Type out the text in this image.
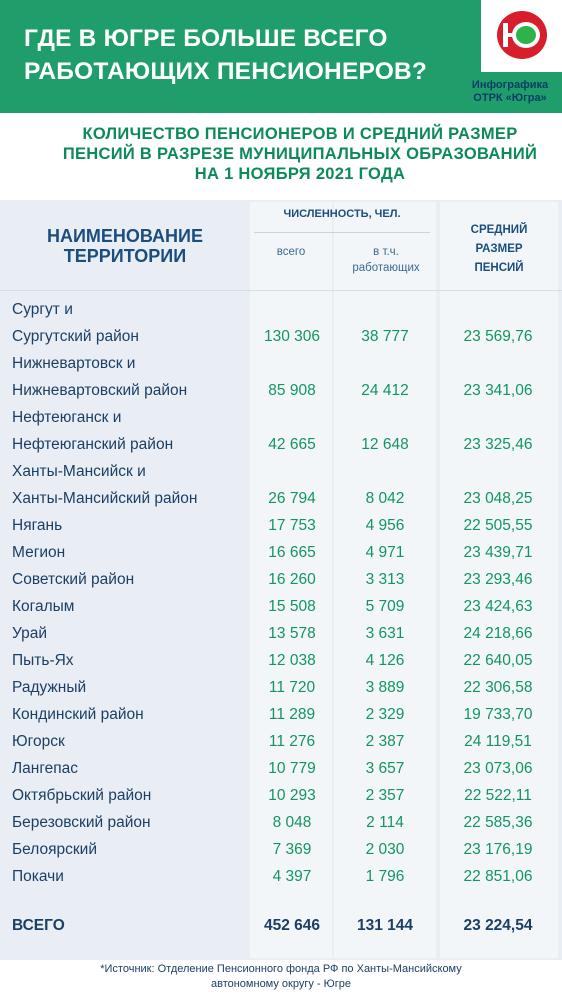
ГДЕ В ЮГРЕ БОЛЬШЕ ВСЕГО
РАБОТАЮЩИХ ПЕНСИОНЕРОВ?	Инфографика
ОТРК «Югра»
КОЛИЧЕСТВО ПЕНСИОНЕРОВ И СРЕДНИЙ РАЗМЕР
ПЕНСИЙ В РАЗРЕЗЕ МУНИЦИПАЛЬНЫХ ОБРАЗОВАНИЙ
НА 1 НОЯБРЯ 2021 ГОДА
НАИМЕНОВАНИЕ
ТЕРРИТОРИИ
ЧИСЛЕННОСТЬ, ЧЕЛ.
всего	в т.ч.
работающих
СРЕДНИЙ
РАЗМЕР
ПЕНСИЙ
Сургут и
Сургутский район	130 306	38 777	23 569,76
Нижневартовск и
Нижневартовский район	85 908	24 412	23 341,06
Нефтеюганск и
Нефтеюганский район	42 665	12 648	23 325,46
Ханты-Мансийск и
Ханты-Мансийский район	26 794	8 042	23 048,25
Нягань	17 753	4 956	22 505,55
Мегион	16 665	4 971	23 439,71
Советский район	16 260	3 313	23 293,46
Когалым	15 508	5 709	23 424,63
Урай	13 578	3 631	24 218,66
Пыть-Ях	12 038	4 126	22 640,05
Радужный	11 720	3 889	22 306,58
Кондинский район	11 289	2 329	19 733,70
Югорск	11 276	2 387	24 119,51
Лангепас	10 779	3 657	23 073,06
Октябрьский район	10 293	2 357	22 522,11
Березовский район	8 048	2 114	22 585,36
Белоярский	7 369	2 030	23 176,19
Покачи	4 397	1 796	22 851,06
ВСЕГО	452 646	131 144	23 224,54
*Источник: Отделение Пенсионного фонда РФ по Ханты-Мансийскому
автономному округу - Югре
